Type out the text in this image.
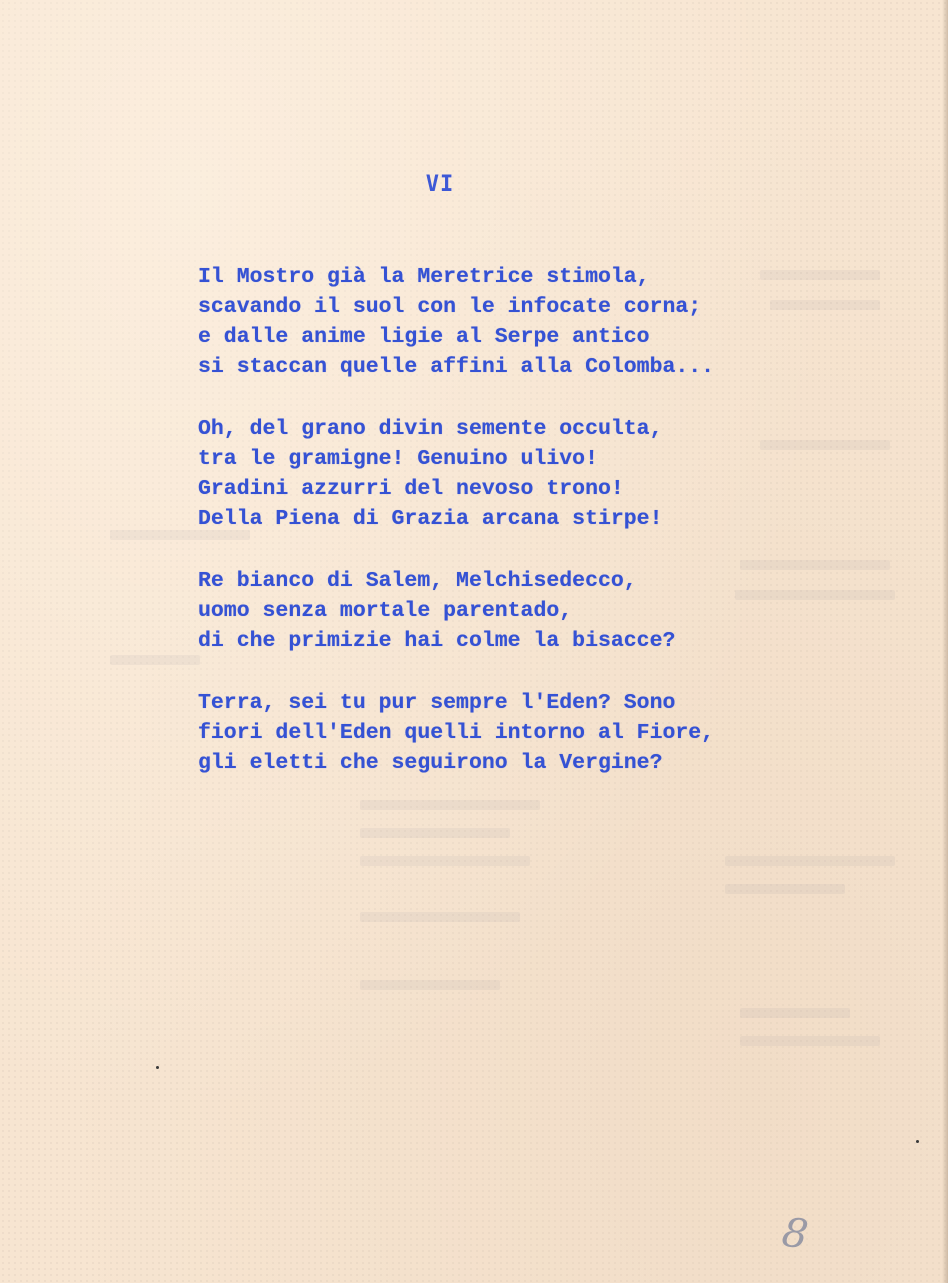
VI
Il Mostro già la Meretrice stimola,
scavando il suol con le infocate corna;
e dalle anime ligie al Serpe antico
si staccan quelle affini alla Colomba...
Oh, del grano divin semente occulta,
tra le gramigne! Genuino ulivo!
Gradini azzurri del nevoso trono!
Della Piena di Grazia arcana stirpe!
Re bianco di Salem, Melchisedecco,
uomo senza mortale parentado,
di che primizie hai colme la bisacce?
Terra, sei tu pur sempre l'Eden? Sono
fiori dell'Eden quelli intorno al Fiore,
gli eletti che seguirono la Vergine?
8
